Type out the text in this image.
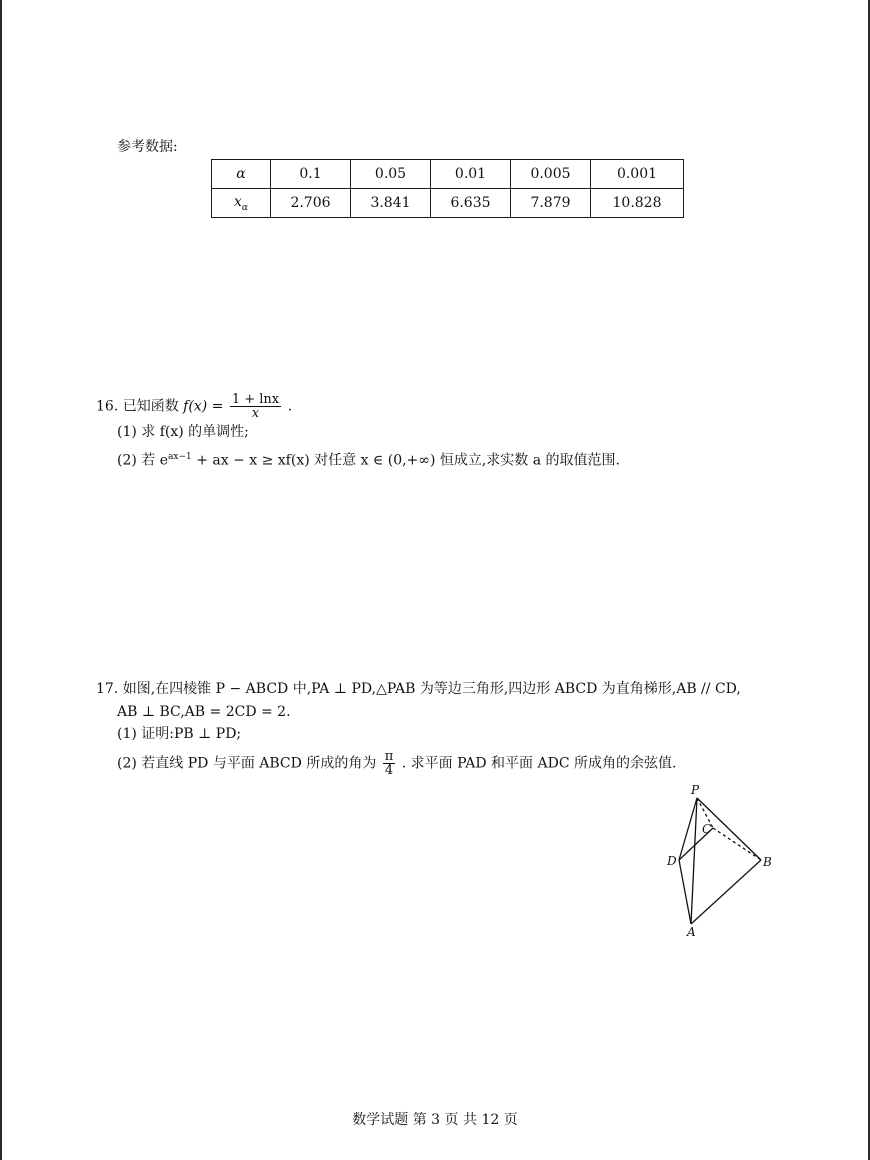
参考数据:
α	0.1	0.05	0.01	0.005	0.001
$x_\alpha$	2.706	3.841	6.635	7.879	10.828
16. 已知函数 $f(x) = \frac{1 + \ln x}{x}$ .
(1) 求 f(x) 的单调性;
(2) 若 $e^{ax-1}$ + ax − x ≥ xf(x) 对任意 x ∈ (0,+∞) 恒成立,求实数 a 的取值范围.
17. 如图,在四棱锥 P − ABCD 中,PA ⊥ PD,△PAB 为等边三角形,四边形 ABCD 为直角梯形,AB // CD,
AB ⊥ BC,AB = 2CD = 2.
(1) 证明:PB ⊥ PD;
(2) 若直线 PD 与平面 ABCD 所成的角为 $\frac{\pi}{4}$ . 求平面 PAD 和平面 ADC 所成角的余弦值.
P
C
D	B
A
数学试题 第 3 页 共 12 页
